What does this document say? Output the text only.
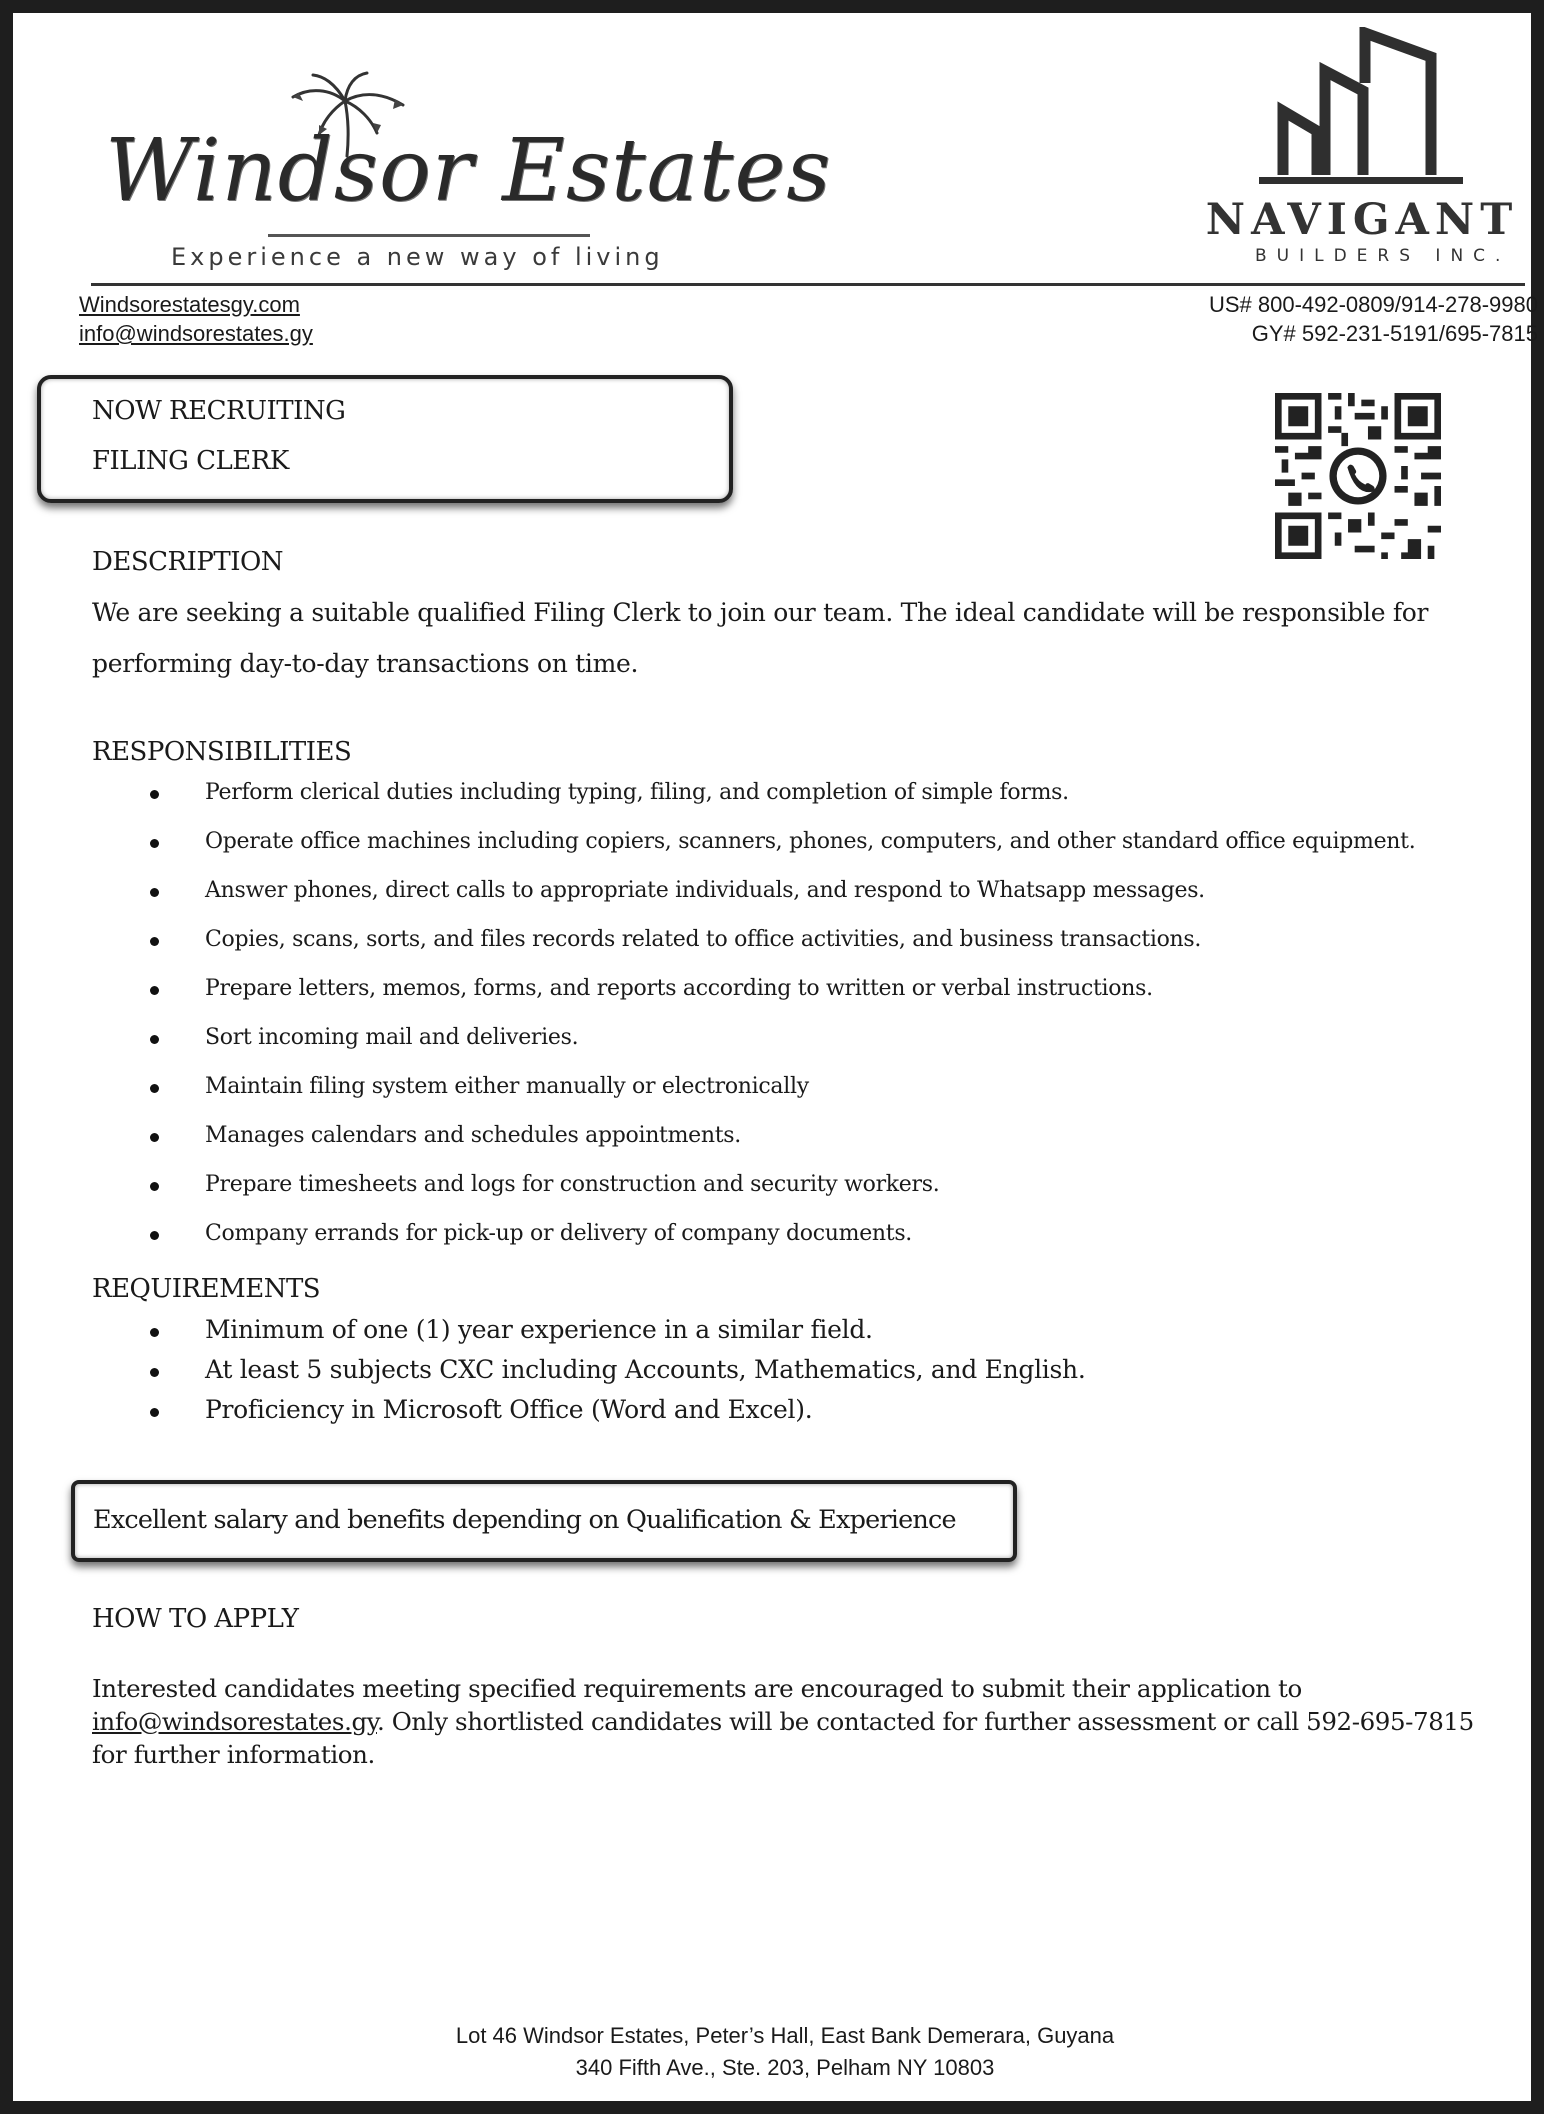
Windsor Estates
Experience a new way of living
NAVIGANT
BUILDERS INC.
Windsorestatesgy.com
info@windsorestates.gy
US# 800-492-0809/914-278-9980
GY# 592-231-5191/695-7815
NOW RECRUITING
FILING CLERK
DESCRIPTION
We are seeking a suitable qualified Filing Clerk to join our team. The ideal candidate will be responsible for
performing day-to-day transactions on time.
RESPONSIBILITIES
Perform clerical duties including typing, filing, and completion of simple forms.
Operate office machines including copiers, scanners, phones, computers, and other standard office equipment.
Answer phones, direct calls to appropriate individuals, and respond to Whatsapp messages.
Copies, scans, sorts, and files records related to office activities, and business transactions.
Prepare letters, memos, forms, and reports according to written or verbal instructions.
Sort incoming mail and deliveries.
Maintain filing system either manually or electronically
Manages calendars and schedules appointments.
Prepare timesheets and logs for construction and security workers.
Company errands for pick-up or delivery of company documents.
REQUIREMENTS
Minimum of one (1) year experience in a similar field.
At least 5 subjects CXC including Accounts, Mathematics, and English.
Proficiency in Microsoft Office (Word and Excel).
Excellent salary and benefits depending on Qualification & Experience
HOW TO APPLY
Interested candidates meeting specified requirements are encouraged to submit their application to
info@windsorestates.gy. Only shortlisted candidates will be contacted for further assessment or call 592-695-7815
for further information.
Lot 46 Windsor Estates, Peter’s Hall, East Bank Demerara, Guyana
340 Fifth Ave., Ste. 203, Pelham NY 10803
